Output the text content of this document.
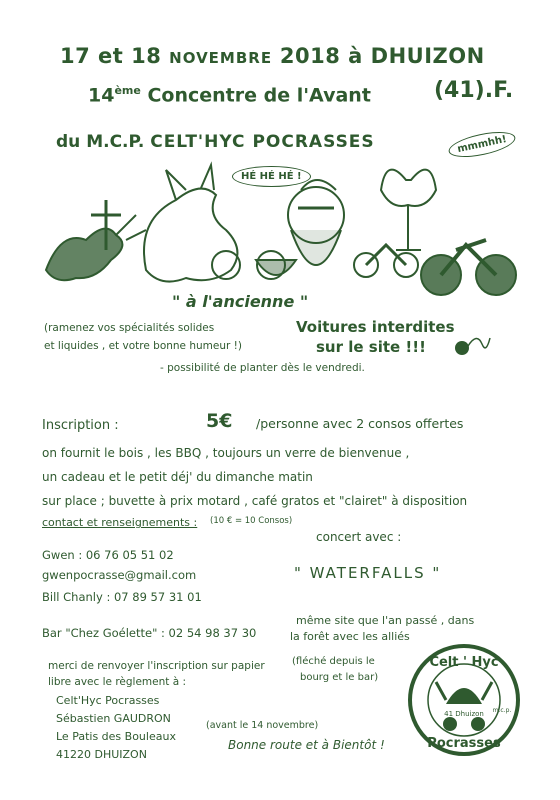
17 et 18 NOVEMBRE 2018 à DHUIZON
(41).F.
14ème Concentre de l'Avant
du M.C.P. CELT'HYC POCRASSES
HÉ HÉ HÉ !
mmmhh!
" à l'ancienne "
(ramenez vos spécialités solides
et liquides , et votre bonne humeur !)
- possibilité de planter dès le vendredi.
Voitures interdites
sur le site !!!
Inscription :	5€ /personne avec 2 consos offertes
on fournit le bois , les BBQ , toujours un verre de bienvenue ,
un cadeau et le petit déj' du dimanche matin
sur place ; buvette à prix motard , café gratos et "clairet" à disposition
contact et renseignements : (10 € = 10 Consos)
Gwen : 06 76 05 51 02
gwenpocrasse@gmail.com
Bill Chanly : 07 89 57 31 01
Bar "Chez Goélette" : 02 54 98 37 30
concert avec :
" WATERFALLS "
même site que l'an passé , dans
la forêt avec les alliés
(fléché depuis le
bourg et le bar)
merci de renvoyer l'inscription sur papier
libre avec le règlement à :
Celt'Hyc Pocrasses
Sébastien GAUDRON
Le Patis des Bouleaux
41220 DHUIZON
(avant le 14 novembre)
Bonne route et à Bientôt !
Celt ' Hyc
41 Dhuizon
Pocrasses
m.c.p.
